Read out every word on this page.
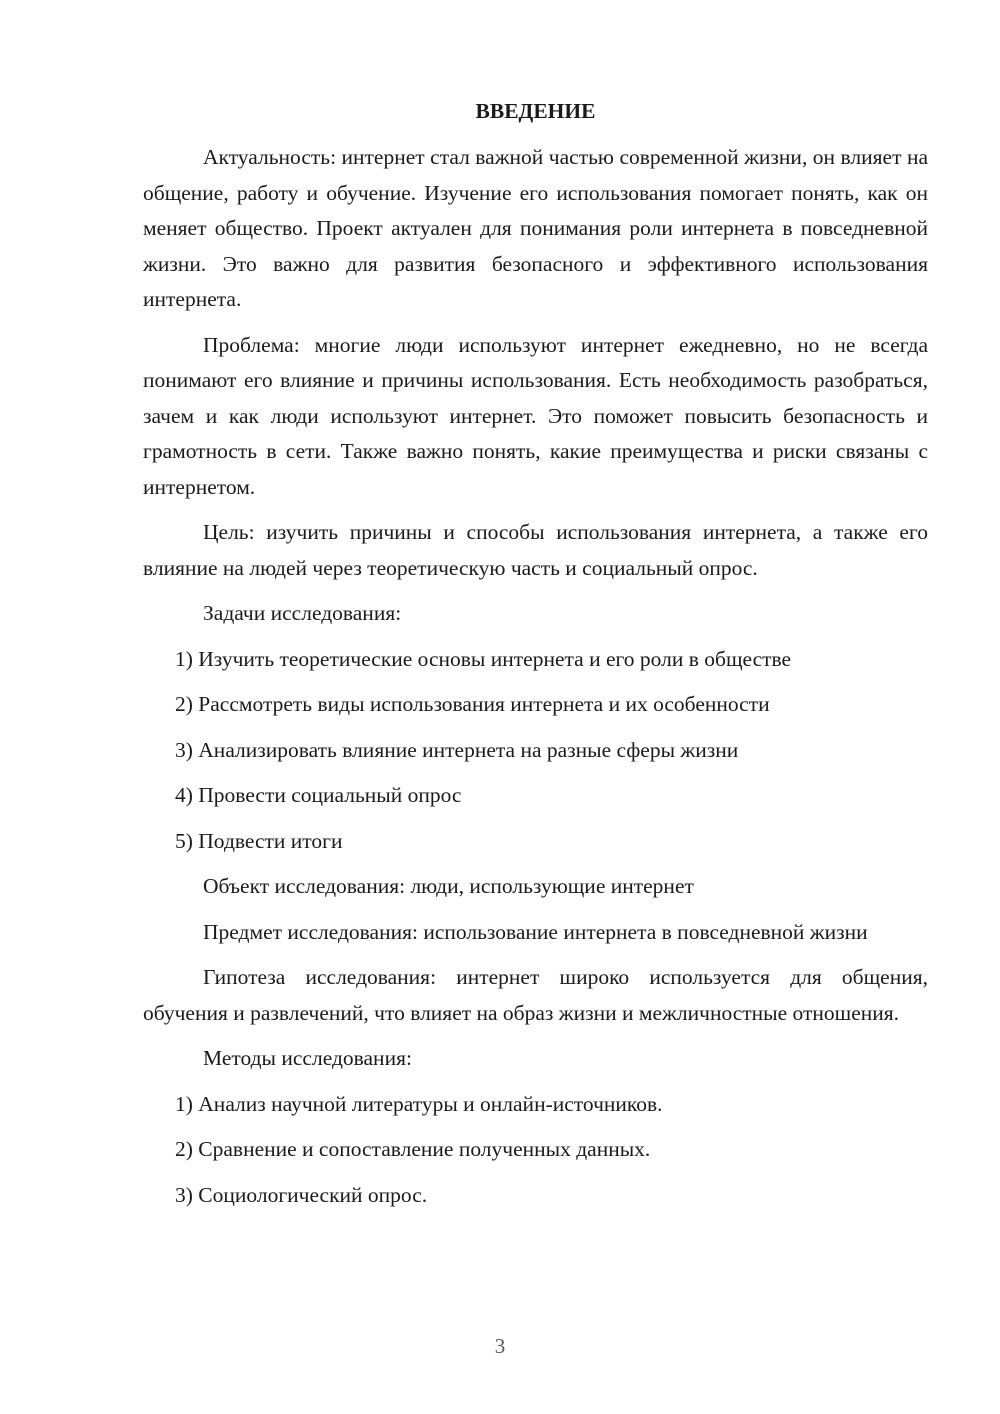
ВВЕДЕНИЕ

Актуальность: интернет стал важной частью современной жизни, он влияет на общение, работу и обучение. Изучение его использования помогает понять, как он меняет общество. Проект актуален для понимания роли интернета в повседневной жизни. Это важно для развития безопасного и эффективного использования интернета.

Проблема: многие люди используют интернет ежедневно, но не всегда понимают его влияние и причины использования. Есть необходимость разобраться, зачем и как люди используют интернет. Это поможет повысить безопасность и грамотность в сети. Также важно понять, какие преимущества и риски связаны с интернетом.

Цель: изучить причины и способы использования интернета, а также его влияние на людей через теоретическую часть и социальный опрос.

Задачи исследования:

1) Изучить теоретические основы интернета и его роли в обществе

2) Рассмотреть виды использования интернета и их особенности

3) Анализировать влияние интернета на разные сферы жизни

4) Провести социальный опрос

5) Подвести итоги

Объект исследования: люди, использующие интернет

Предмет исследования: использование интернета в повседневной жизни

Гипотеза исследования: интернет широко используется для общения, обучения и развлечений, что влияет на образ жизни и межличностные отношения.

Методы исследования:

1) Анализ научной литературы и онлайн-источников.

2) Сравнение и сопоставление полученных данных.

3) Социологический опрос.

3
